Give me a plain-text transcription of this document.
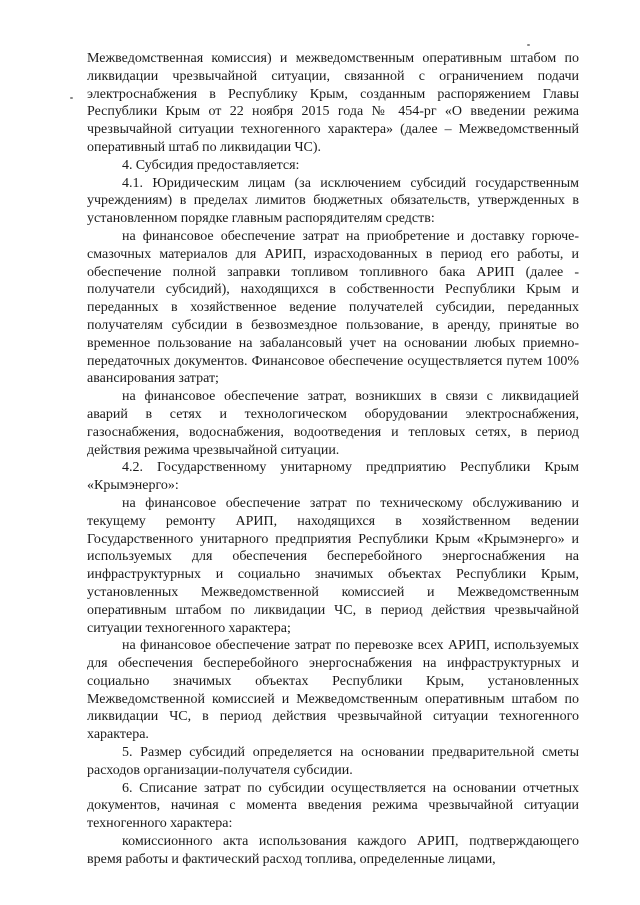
Межведомственная комиссия) и межведомственным оперативным штабом по ликвидации чрезвычайной ситуации, связанной с ограничением подачи электроснабжения в Республику Крым, созданным распоряжением Главы Республики Крым от 22 ноября 2015 года № 454-рг «О введении режима чрезвычайной ситуации техногенного характера» (далее – Межведомственный оперативный штаб по ликвидации ЧС).

4. Субсидия предоставляется:

4.1. Юридическим лицам (за исключением субсидий государственным учреждениям) в пределах лимитов бюджетных обязательств, утвержденных в установленном порядке главным распорядителям средств:

на финансовое обеспечение затрат на приобретение и доставку горюче-смазочных материалов для АРИП, израсходованных в период его работы, и обеспечение полной заправки топливом топливного бака АРИП (далее - получатели субсидий), находящихся в собственности Республики Крым и переданных в хозяйственное ведение получателей субсидии, переданных получателям субсидии в безвозмездное пользование, в аренду, принятые во временное пользование на забалансовый учет на основании любых приемно-передаточных документов. Финансовое обеспечение осуществляется путем 100% авансирования затрат;

на финансовое обеспечение затрат, возникших в связи с ликвидацией аварий в сетях и технологическом оборудовании электроснабжения, газоснабжения, водоснабжения, водоотведения и тепловых сетях, в период действия режима чрезвычайной ситуации.

4.2. Государственному унитарному предприятию Республики Крым «Крымэнерго»:

на финансовое обеспечение затрат по техническому обслуживанию и текущему ремонту АРИП, находящихся в хозяйственном ведении Государственного унитарного предприятия Республики Крым «Крымэнерго» и используемых для обеспечения бесперебойного энергоснабжения на инфраструктурных и социально значимых объектах Республики Крым, установленных Межведомственной комиссией и Межведомственным оперативным штабом по ликвидации ЧС, в период действия чрезвычайной ситуации техногенного характера;

на финансовое обеспечение затрат по перевозке всех АРИП, используемых для обеспечения бесперебойного энергоснабжения на инфраструктурных и социально значимых объектах Республики Крым, установленных Межведомственной комиссией и Межведомственным оперативным штабом по ликвидации ЧС, в период действия чрезвычайной ситуации техногенного характера.

5. Размер субсидий определяется на основании предварительной сметы расходов организации-получателя субсидии.

6. Списание затрат по субсидии осуществляется на основании отчетных документов, начиная с момента введения режима чрезвычайной ситуации техногенного характера:

комиссионного акта использования каждого АРИП, подтверждающего время работы и фактический расход топлива, определенные лицами,
